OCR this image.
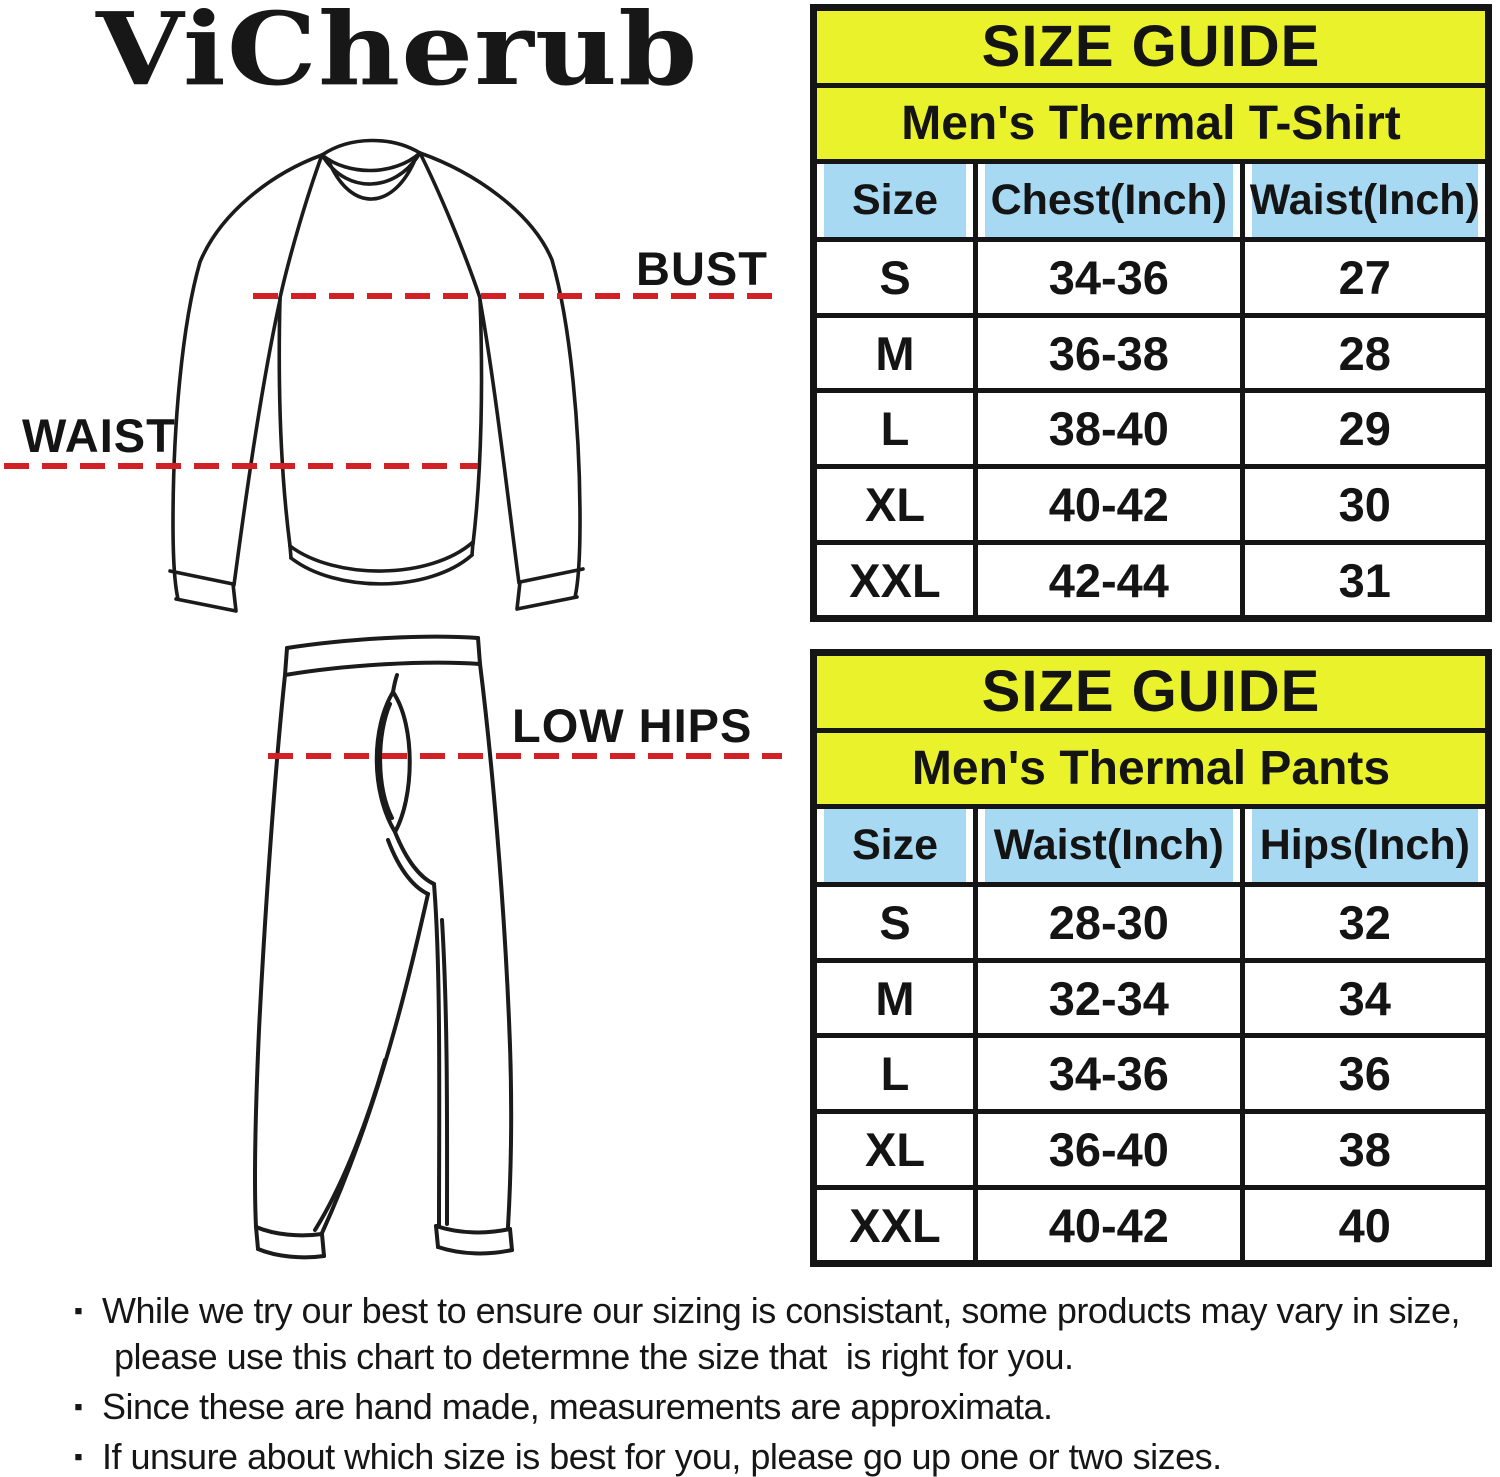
ViCherub
BUST
WAIST
LOW HIPS
SIZE GUIDE		
Men's Thermal T-Shirt		
Size	Chest(Inch)	Waist(Inch)
S	34-36	27
M	36-38	28
L	38-40	29
XL	40-42	30
XXL	42-44	31
SIZE GUIDE		
Men's Thermal Pants		
Size	Waist(Inch)	Hips(Inch)
S	28-30	32
M	32-34	34
L	34-36	36
XL	36-40	38
XXL	40-42	40
▪ While we try our best to ensure our sizing is consistant, some products may vary in size,
please use this chart to determne the size that  is right for you.
▪ Since these are hand made, measurements are approximata.
▪ If unsure about which size is best for you, please go up one or two sizes.
